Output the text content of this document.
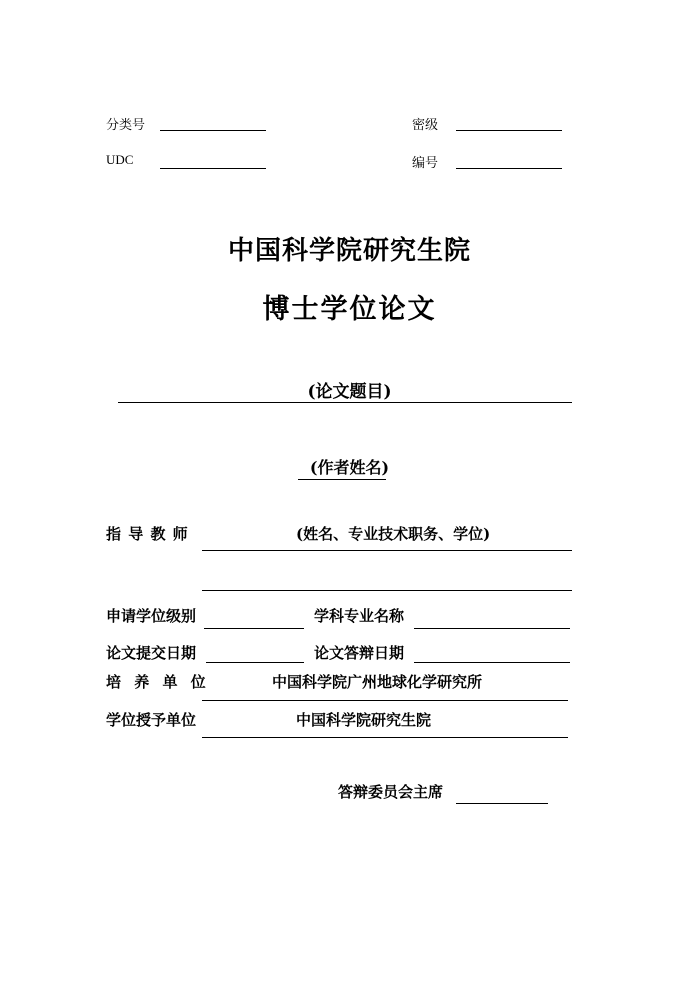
分类号	密级
UDC	编号
中国科学院研究生院
博士学位论文
(论文题目)
(作者姓名)
指 导 教 师	(姓名、专业技术职务、学位)
申请学位级别	学科专业名称
论文提交日期	论文答辩日期
培 养 单 位	中国科学院广州地球化学研究所
学位授予单位	中国科学院研究生院
答辩委员会主席
